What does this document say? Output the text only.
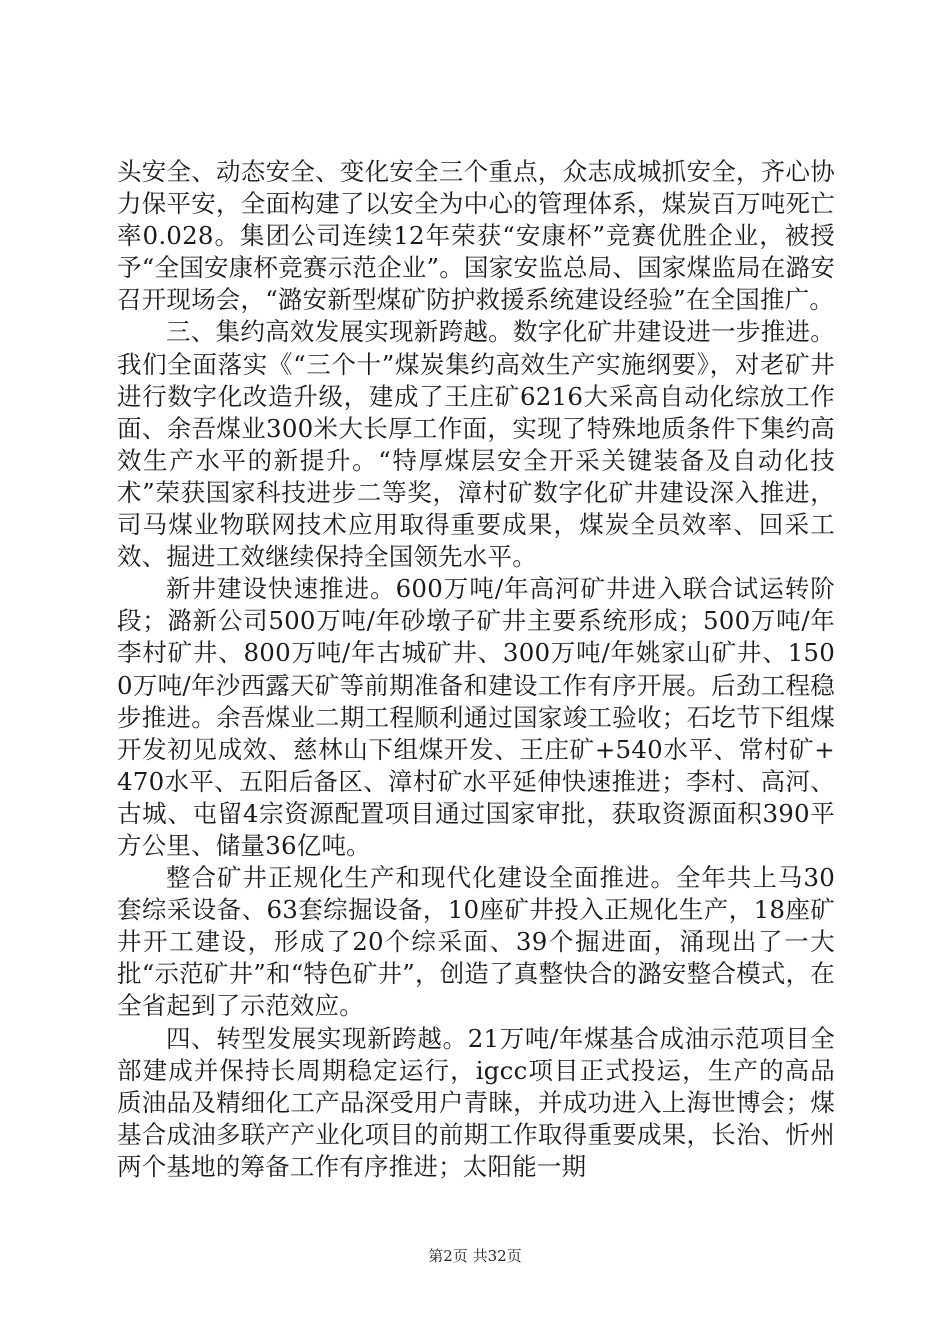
头安全、动态安全、变化安全三个重点，众志成城抓安全，齐心协力保平安，全面构建了以安全为中心的管理体系，煤炭百万吨死亡率0.028。集团公司连续12年荣获“安康杯”竞赛优胜企业，被授予“全国安康杯竞赛示范企业”。国家安监总局、国家煤监局在潞安召开现场会，“潞安新型煤矿防护救援系统建设经验”在全国推广。

三、集约高效发展实现新跨越。数字化矿井建设进一步推进。我们全面落实《“三个十”煤炭集约高效生产实施纲要》，对老矿井进行数字化改造升级，建成了王庄矿6216大采高自动化综放工作面、余吾煤业300米大长厚工作面，实现了特殊地质条件下集约高效生产水平的新提升。“特厚煤层安全开采关键装备及自动化技术”荣获国家科技进步二等奖，漳村矿数字化矿井建设深入推进，司马煤业物联网技术应用取得重要成果，煤炭全员效率、回采工效、掘进工效继续保持全国领先水平。

新井建设快速推进。600万吨/年高河矿井进入联合试运转阶段；潞新公司500万吨/年砂墩子矿井主要系统形成；500万吨/年李村矿井、800万吨/年古城矿井、300万吨/年姚家山矿井、1500万吨/年沙西露天矿等前期准备和建设工作有序开展。后劲工程稳步推进。余吾煤业二期工程顺利通过国家竣工验收；石圪节下组煤开发初见成效、慈林山下组煤开发、王庄矿+540水平、常村矿+470水平、五阳后备区、漳村矿水平延伸快速推进；李村、高河、古城、屯留4宗资源配置项目通过国家审批，获取资源面积390平方公里、储量36亿吨。

整合矿井正规化生产和现代化建设全面推进。全年共上马30套综采设备、63套综掘设备，10座矿井投入正规化生产，18座矿井开工建设，形成了20个综采面、39个掘进面，涌现出了一大批“示范矿井”和“特色矿井”，创造了真整快合的潞安整合模式，在全省起到了示范效应。

四、转型发展实现新跨越。21万吨/年煤基合成油示范项目全部建成并保持长周期稳定运行，igcc项目正式投运，生产的高品质油品及精细化工产品深受用户青睐，并成功进入上海世博会；煤基合成油多联产产业化项目的前期工作取得重要成果，长治、忻州两个基地的筹备工作有序推进；太阳能一期

第2页 共32页
